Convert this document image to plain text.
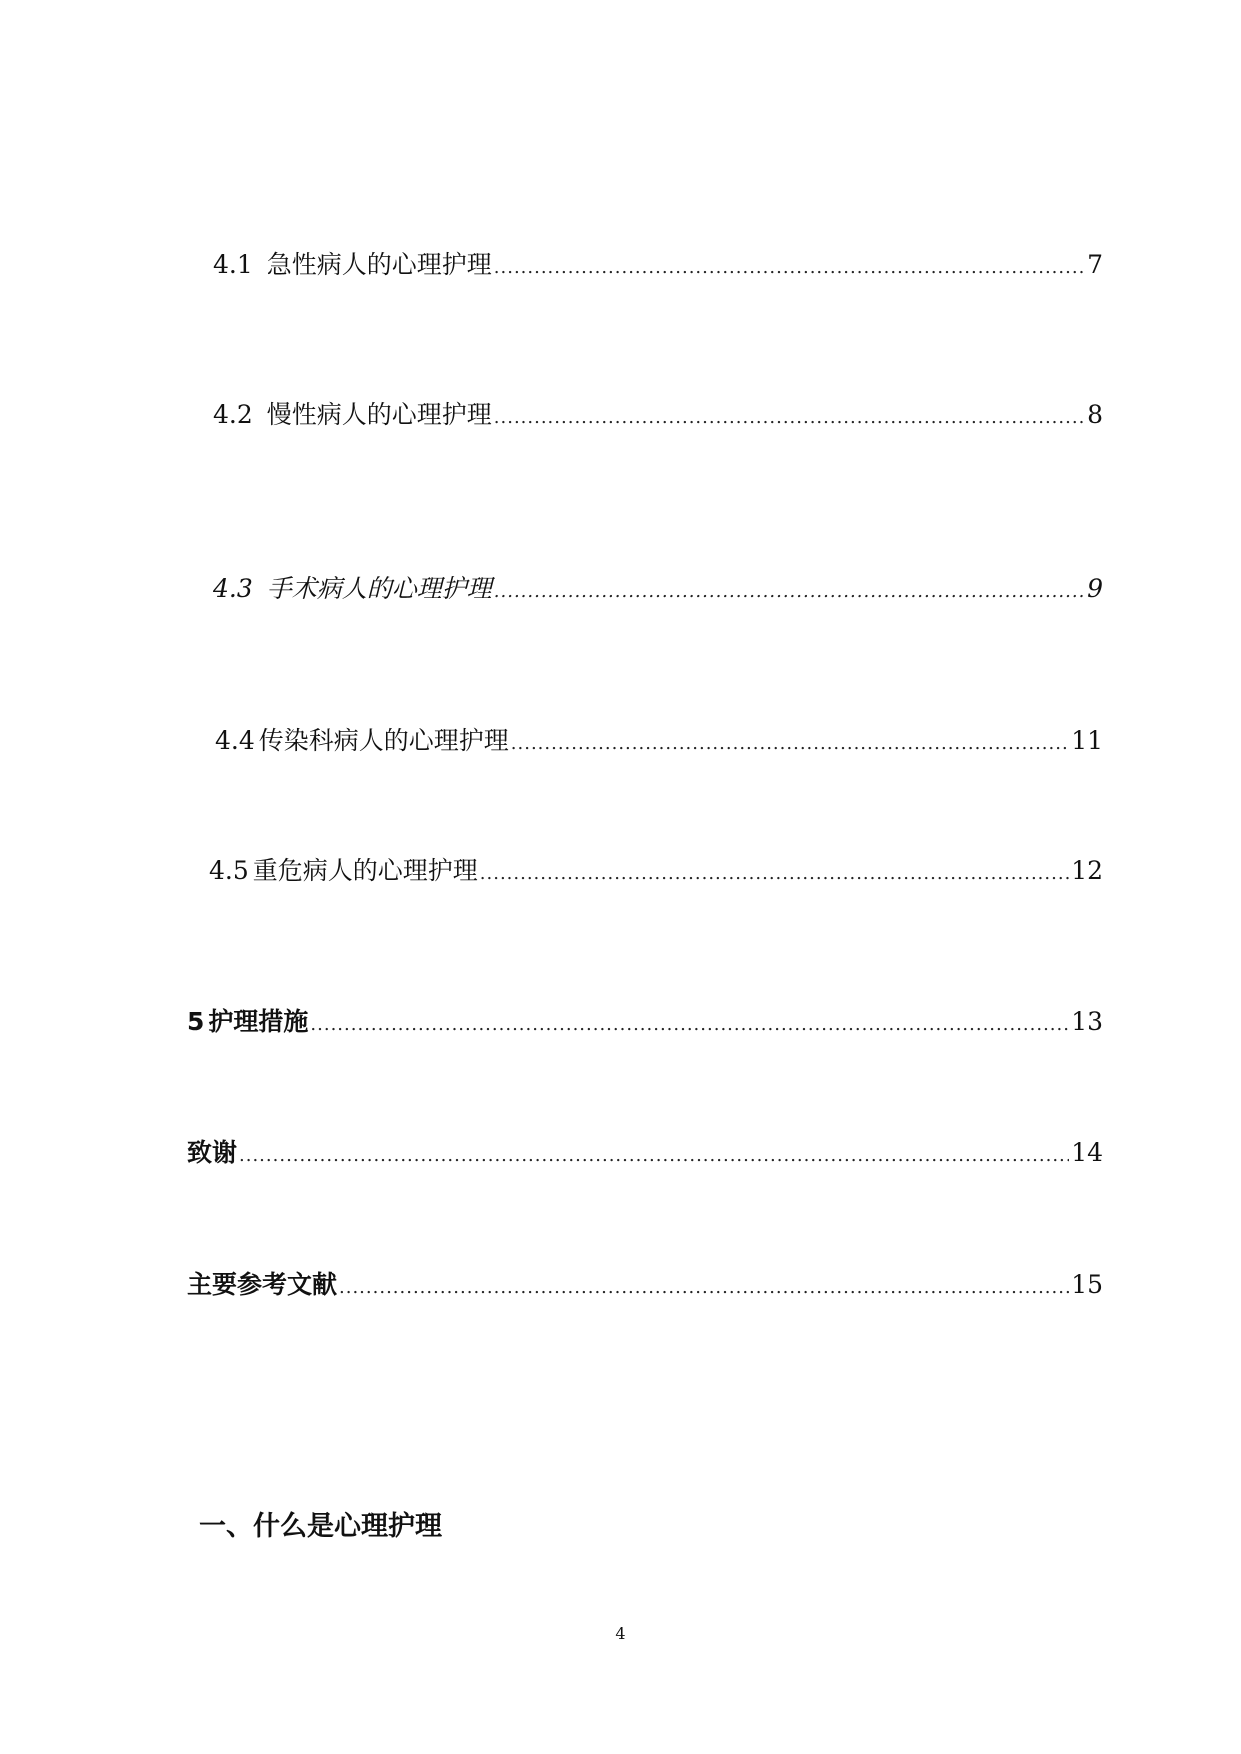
4.1 急性病人的心理护理 .....	7
4.2 慢性病人的心理护理 .....	8
4.3 手术病人的心理护理 .....	9
4.4 传染科病人的心理护理 .....	11
4.5 重危病人的心理护理 .....	12
5 护理措施 .....	13
致谢 .....	14
主要参考文献 .....	15
一、什么是心理护理
4
